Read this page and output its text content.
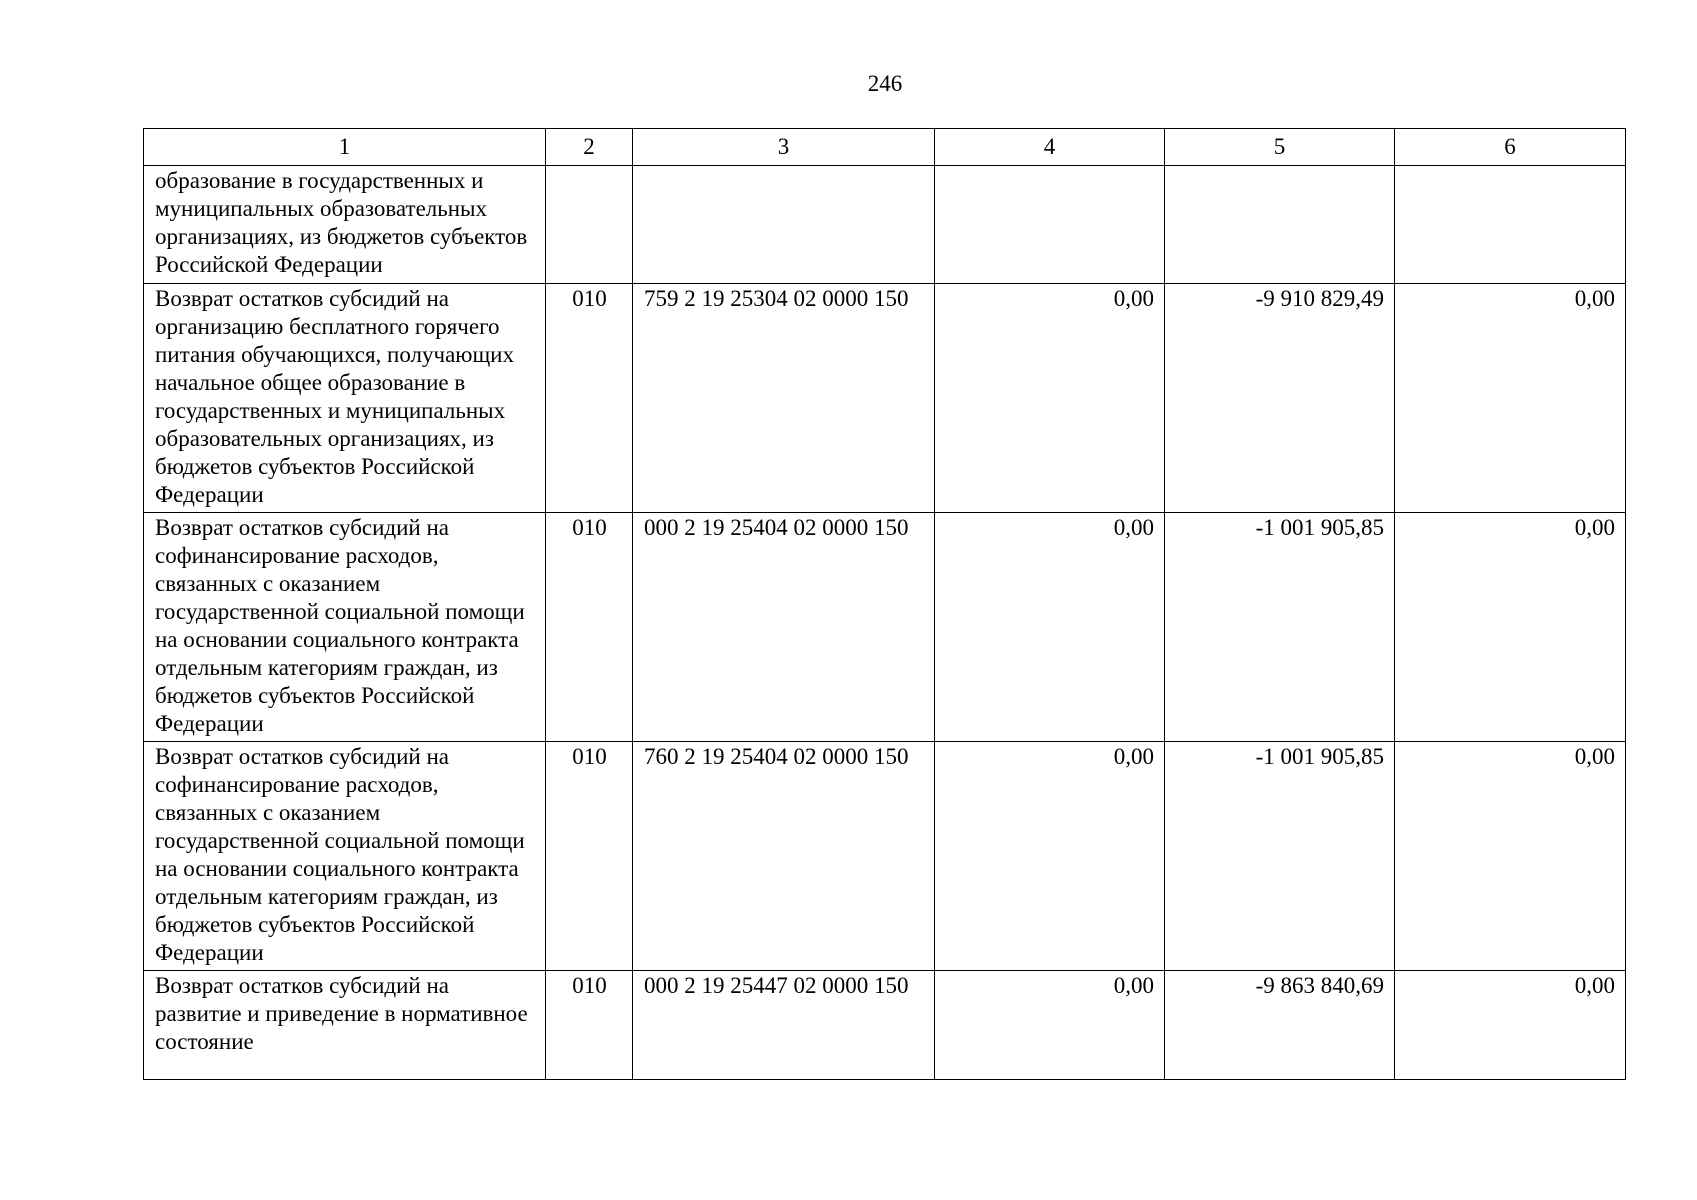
246
1	2	3	4	5	6

образование в государственных и муниципальных образовательных организациях, из бюджетов субъектов Российской Федерации					

Возврат остатков субсидий на организацию бесплатного горячего питания обучающихся, получающих начальное общее образование в государственных и муниципальных образовательных организациях, из бюджетов субъектов Российской Федерации	010	759 2 19 25304 02 0000 150	0,00	-9 910 829,49	0,00

Возврат остатков субсидий на софинансирование расходов, связанных с оказанием государственной социальной помощи на основании социального контракта отдельным категориям граждан, из бюджетов субъектов Российской Федерации	010	000 2 19 25404 02 0000 150	0,00	-1 001 905,85	0,00

Возврат остатков субсидий на софинансирование расходов, связанных с оказанием государственной социальной помощи на основании социального контракта отдельным категориям граждан, из бюджетов субъектов Российской Федерации	010	760 2 19 25404 02 0000 150	0,00	-1 001 905,85	0,00

Возврат остатков субсидий на развитие и приведение в нормативное состояние	010	000 2 19 25447 02 0000 150	0,00	-9 863 840,69	0,00
